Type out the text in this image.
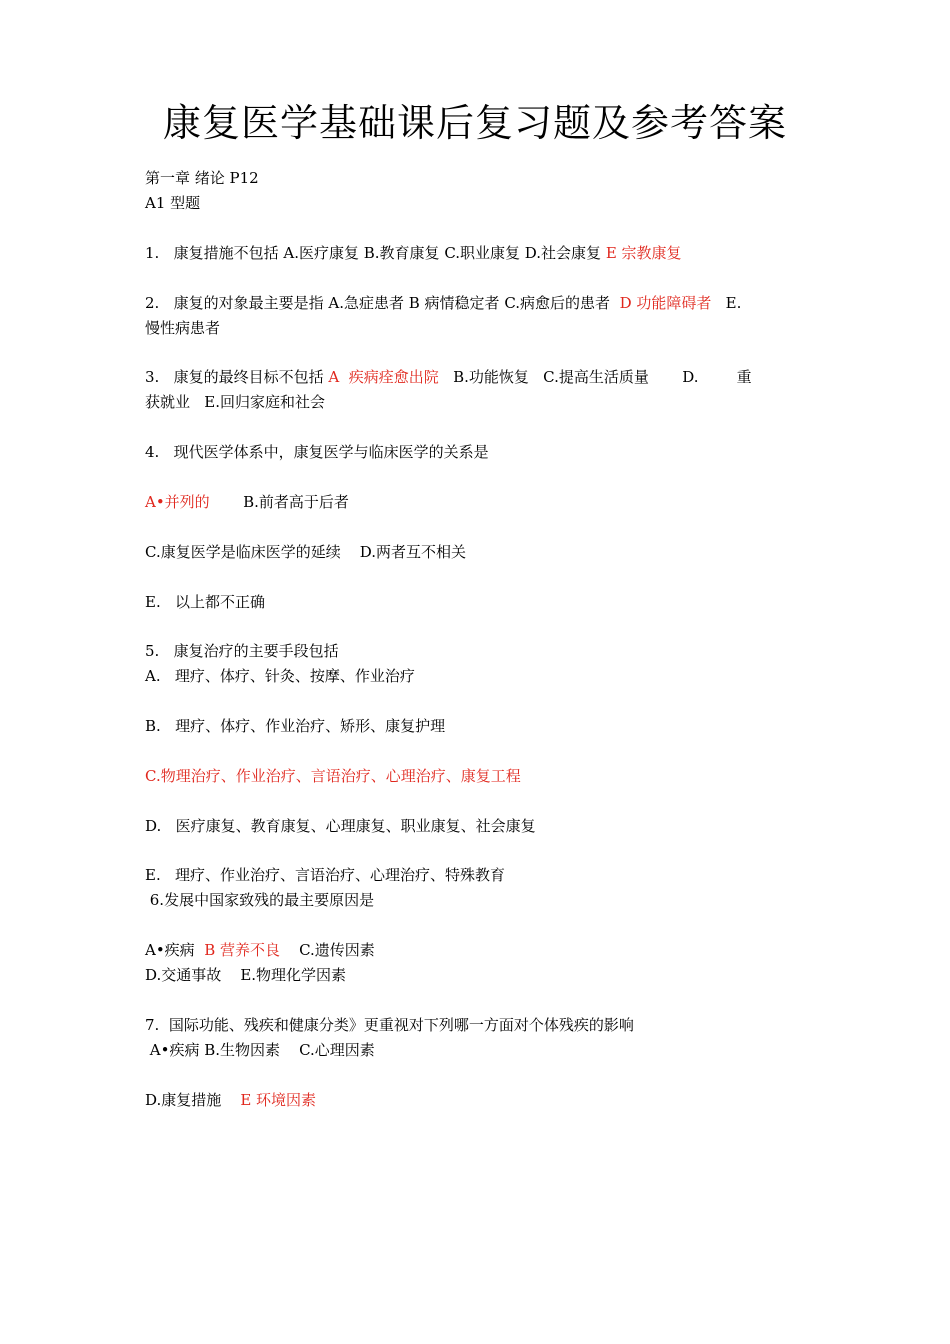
康复医学基础课后复习题及参考答案
第一章 绪论 P12
A1 型题
1.   康复措施不包括 A.医疗康复 B.教育康复 C.职业康复 D.社会康复 E 宗教康复
2.   康复的对象最主要是指 A.急症患者 B 病情稳定者 C.病愈后的患者  D 功能障碍者   E.
慢性病患者
3.   康复的最终目标不包括 A  疾病痊愈出院   B.功能恢复   C.提高生活质量       D.        重
获就业   E.回归家庭和社会
4.   现代医学体系中，康复医学与临床医学的关系是
A•并列的       B.前者高于后者
C.康复医学是临床医学的延续    D.两者互不相关
E.   以上都不正确
5.   康复治疗的主要手段包括
A.   理疗、体疗、针灸、按摩、作业治疗
B.   理疗、体疗、作业治疗、矫形、康复护理
C.物理治疗、作业治疗、言语治疗、心理治疗、康复工程
D.   医疗康复、教育康复、心理康复、职业康复、社会康复
E.   理疗、作业治疗、言语治疗、心理治疗、特殊教育
6.发展中国家致残的最主要原因是
A•疾病  B 营养不良    C.遗传因素
D.交通事故    E.物理化学因素
7.  国际功能、残疾和健康分类》更重视对下列哪一方面对个体残疾的影响
A•疾病 B.生物因素    C.心理因素
D.康复措施    E 环境因素
